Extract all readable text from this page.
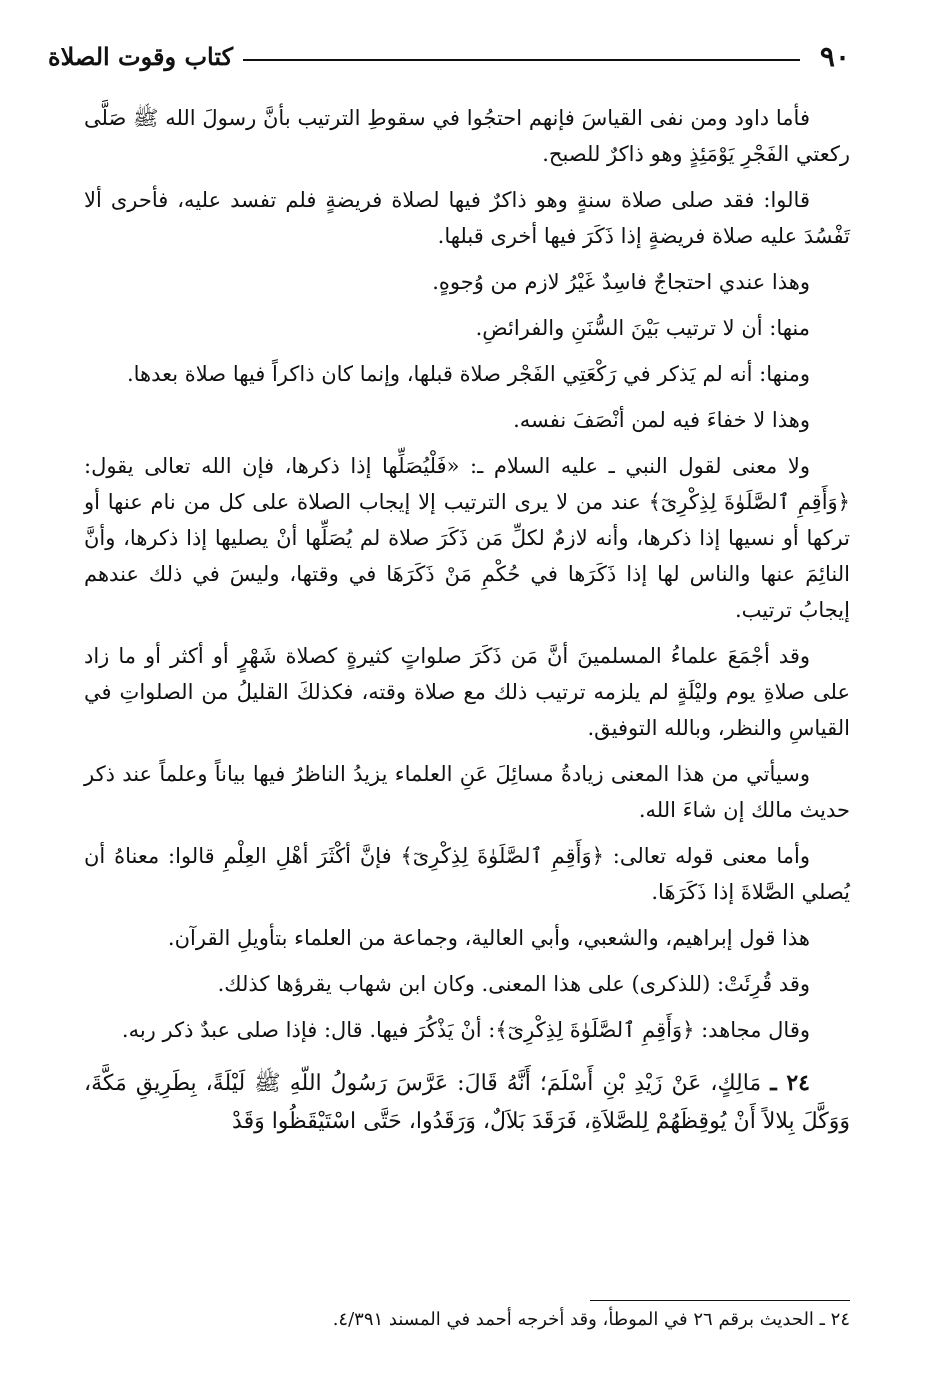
٩٠
كتاب وقوت الصلاة

فأما داود ومن نفى القياسَ فإنهم احتجُوا في سقوطِ الترتيب بأنَّ رسولَ الله ﷺ صَلَّى ركعتي الفَجْرِ يَوْمَئِذٍ وهو ذاكرٌ للصبح.

قالوا: فقد صلى صلاة سنةٍ وهو ذاكرٌ فيها لصلاة فريضةٍ فلم تفسد عليه، فأحرى ألا تَفْسُدَ عليه صلاة فريضةٍ إذا ذَكَرَ فيها أخرى قبلها.

وهذا عندي احتجاجٌ فاسِدٌ غَيْرُ لازم من وُجوهٍ.

منها: أن لا ترتيب بَيْنَ السُّنَنِ والفرائضِ.

ومنها: أنه لم يَذكر في رَكْعَتِي الفَجْر صلاة قبلها، وإنما كان ذاكراً فيها صلاة بعدها.

وهذا لا خفاءَ فيه لمن أنْصَفَ نفسه.

ولا معنى لقول النبي ـ عليه السلام ـ: «فَلْيُصَلِّها إذا ذكرها، فإن الله تعالى يقول: ﴿وَأَقِمِ ٱلصَّلَوٰةَ لِذِكْرِىٓ﴾ عند من لا يرى الترتيب إلا إيجاب الصلاة على كل من نام عنها أو تركها أو نسيها إذا ذكرها، وأنه لازمٌ لكلِّ مَن ذَكَرَ صلاة لم يُصَلِّها أنْ يصليها إذا ذكرها، وأنَّ النائِمَ عنها والناس لها إذا ذَكَرَها في حُكْمِ مَنْ ذَكَرَهَا في وقتها، وليسَ في ذلك عندهم إيجابُ ترتيب.

وقد أجْمَعَ علماءُ المسلمينَ أنَّ مَن ذَكَرَ صلواتٍ كثيرةٍ كصلاة شَهْرٍ أو أكثر أو ما زاد على صلاةِ يوم وليْلَةٍ لم يلزمه ترتيب ذلك مع صلاة وقته، فكذلكَ القليلُ من الصلواتِ في القياسِ والنظر، وبالله التوفيق.

وسيأتي من هذا المعنى زيادةُ مسائِلَ عَنِ العلماء يزيدُ الناظرُ فيها بياناً وعلماً عند ذكر حديث مالك إن شاءَ الله.

وأما معنى قوله تعالى: ﴿وَأَقِمِ ٱلصَّلَوٰةَ لِذِكْرِىٓ﴾ فإنَّ أكْثَرَ أهْلِ العِلْمِ قالوا: معناهُ أن يُصلي الصَّلاةَ إذا ذَكَرَهَا.

هذا قول إبراهيم، والشعبي، وأبي العالية، وجماعة من العلماء بتأويلِ القرآن.

وقد قُرِئَتْ: (للذكرى) على هذا المعنى. وكان ابن شهاب يقرؤها كذلك.

وقال مجاهد: ﴿وَأَقِمِ ٱلصَّلَوٰةَ لِذِكْرِىٓ﴾: أنْ يَذْكُرَ فيها. قال: فإذا صلى عبدٌ ذكر ربه.

٢٤ ـ مَالِكٍ، عَنْ زَيْدِ بْنِ أَسْلَمَ؛ أَنَّهُ قَالَ: عَرَّسَ رَسُولُ اللّهِ ﷺ لَيْلَةً، بِطَرِيقِ مَكَّةَ، وَوَكَّلَ بِلالاً أَنْ يُوقِظَهُمْ لِلصَّلاَةِ، فَرَقَدَ بَلاَلٌ، وَرَقَدُوا، حَتَّى اسْتَيْقَظُوا وَقَدْ

٢٤ ـ الحديث برقم ٢٦ في الموطأ، وقد أخرجه أحمد في المسند ٤/٣٩١.
